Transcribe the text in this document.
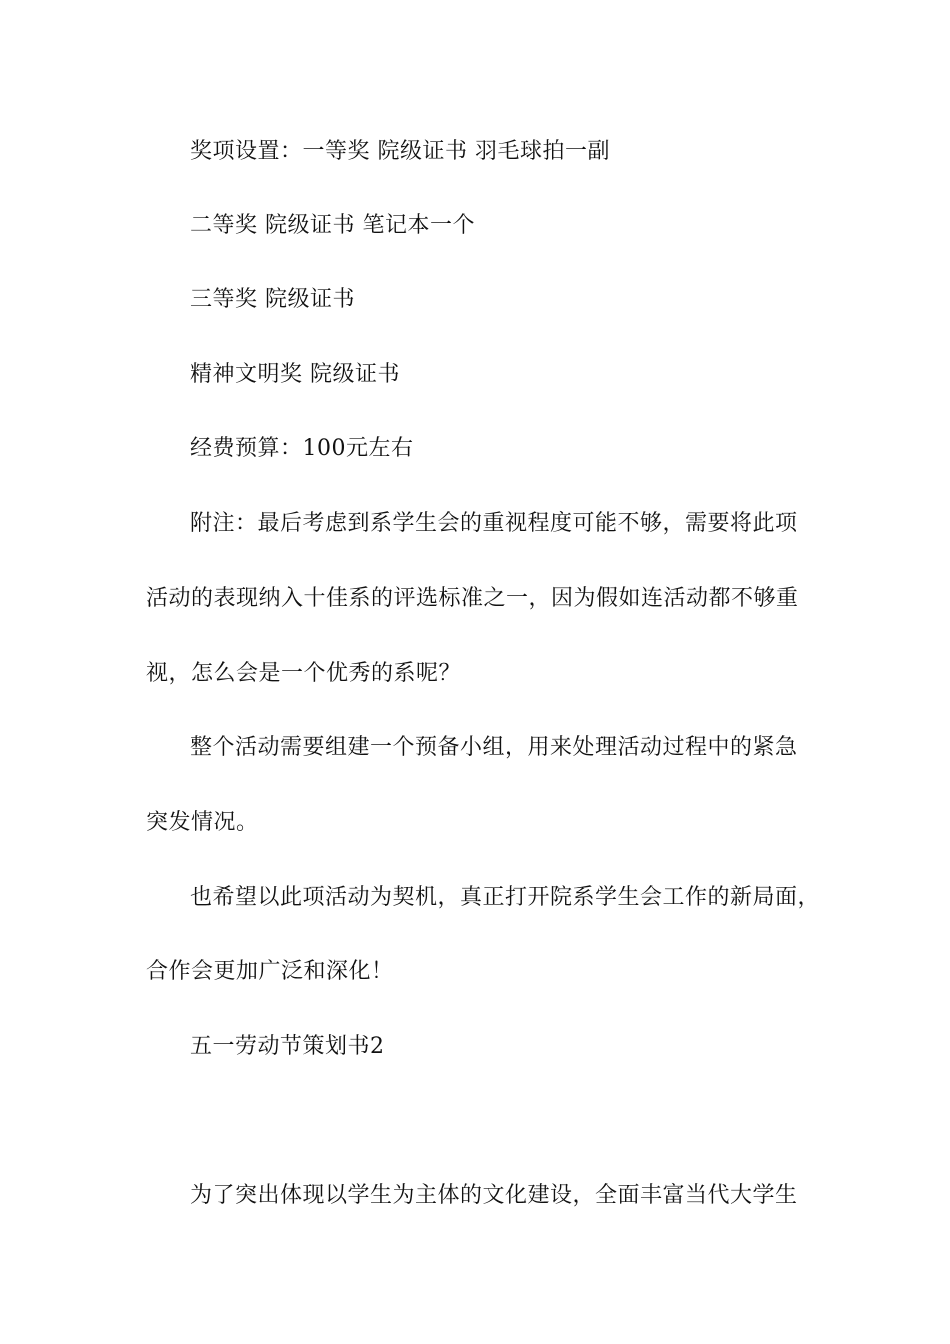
奖项设置：一等奖 院级证书 羽毛球拍一副
二等奖 院级证书 笔记本一个
三等奖 院级证书
精神文明奖 院级证书
经费预算：100元左右
附注：最后考虑到系学生会的重视程度可能不够，需要将此项
活动的表现纳入十佳系的评选标准之一，因为假如连活动都不够重
视，怎么会是一个优秀的系呢？
整个活动需要组建一个预备小组，用来处理活动过程中的紧急
突发情况。
也希望以此项活动为契机，真正打开院系学生会工作的新局面，
合作会更加广泛和深化！
五一劳动节策划书2
为了突出体现以学生为主体的文化建设，全面丰富当代大学生
